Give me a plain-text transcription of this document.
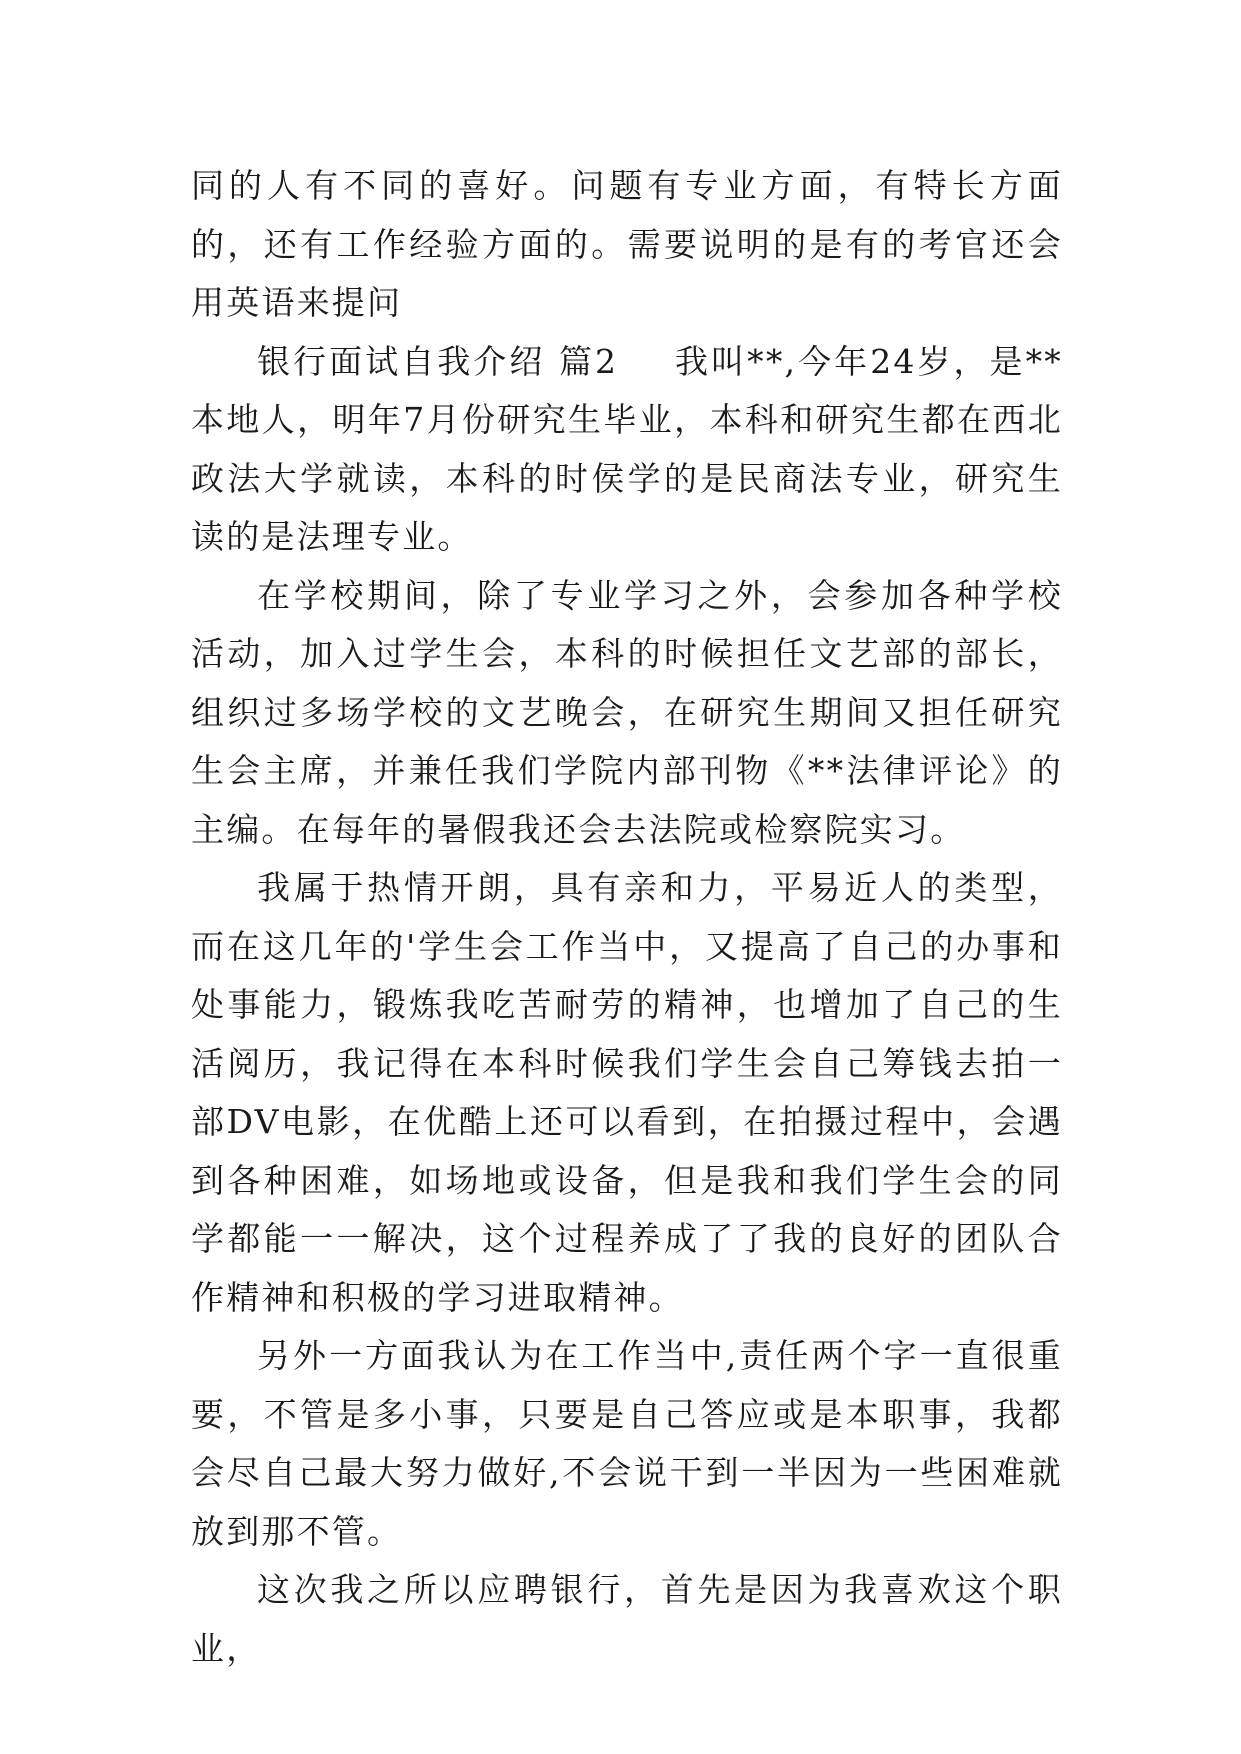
同的人有不同的喜好。问题有专业方面，有特长方面的，还有工作经验方面的。需要说明的是有的考官还会用英语来提问

银行面试自我介绍 篇2 我叫**,今年24岁，是**本地人，明年7月份研究生毕业，本科和研究生都在西北政法大学就读，本科的时侯学的是民商法专业，研究生读的是法理专业。

在学校期间，除了专业学习之外，会参加各种学校活动，加入过学生会，本科的时候担任文艺部的部长，组织过多场学校的文艺晚会，在研究生期间又担任研究生会主席，并兼任我们学院内部刊物《**法律评论》的主编。在每年的暑假我还会去法院或检察院实习。

我属于热情开朗，具有亲和力，平易近人的类型，而在这几年的'学生会工作当中，又提高了自己的办事和处事能力，锻炼我吃苦耐劳的精神，也增加了自己的生活阅历，我记得在本科时候我们学生会自己筹钱去拍一部DV电影，在优酷上还可以看到，在拍摄过程中，会遇到各种困难，如场地或设备，但是我和我们学生会的同学都能一一解决，这个过程养成了了我的良好的团队合作精神和积极的学习进取精神。

另外一方面我认为在工作当中,责任两个字一直很重要，不管是多小事，只要是自己答应或是本职事，我都会尽自己最大努力做好,不会说干到一半因为一些困难就放到那不管。

这次我之所以应聘银行，首先是因为我喜欢这个职业，
